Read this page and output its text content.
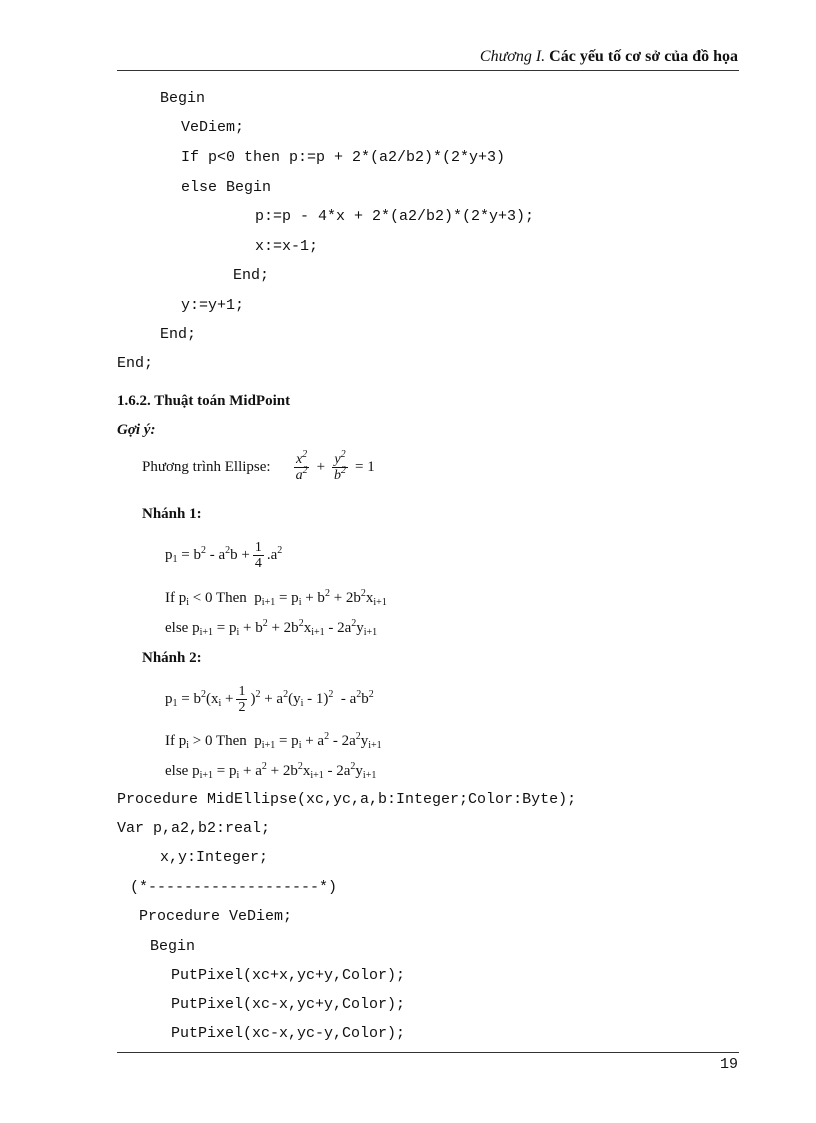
Chương I. Các yếu tố cơ sở của đồ họa
Begin
VeDiem;
If p<0 then p:=p + 2*(a2/b2)*(2*y+3)
else Begin
p:=p - 4*x + 2*(a2/b2)*(2*y+3);
x:=x-1;
End;
y:=y+1;
End;
End;
1.6.2. Thuật toán MidPoint
Gợi ý:
Phương trình Ellipse: $\frac{x^2}{a^2} + \frac{y^2}{b^2} = 1$
Nhánh 1:
$p_1 = b^2 - a^2b + \frac{1}{4} .a^2$
If $p_i < 0$ Then  $p_{i+1} = p_i + b^2 + 2b^2x_{i+1}$
else $p_{i+1} = p_i + b^2 + 2b^2x_{i+1} - 2a^2y_{i+1}$
Nhánh 2:
$p_1 = b^2(x_i + \frac{1}{2} )^2 + a^2(y_i - 1)^2 - a^2b^2$
If $p_i > 0$ Then  $p_{i+1} = p_i + a^2 - 2a^2y_{i+1}$
else $p_{i+1} = p_i + a^2 + 2b^2x_{i+1} - 2a^2y_{i+1}$
Procedure MidEllipse(xc,yc,a,b:Integer;Color:Byte);
Var p,a2,b2:real;
x,y:Integer;
(*-------------------*)
Procedure VeDiem;
Begin
PutPixel(xc+x,yc+y,Color);
PutPixel(xc-x,yc+y,Color);
PutPixel(xc-x,yc-y,Color);
19
